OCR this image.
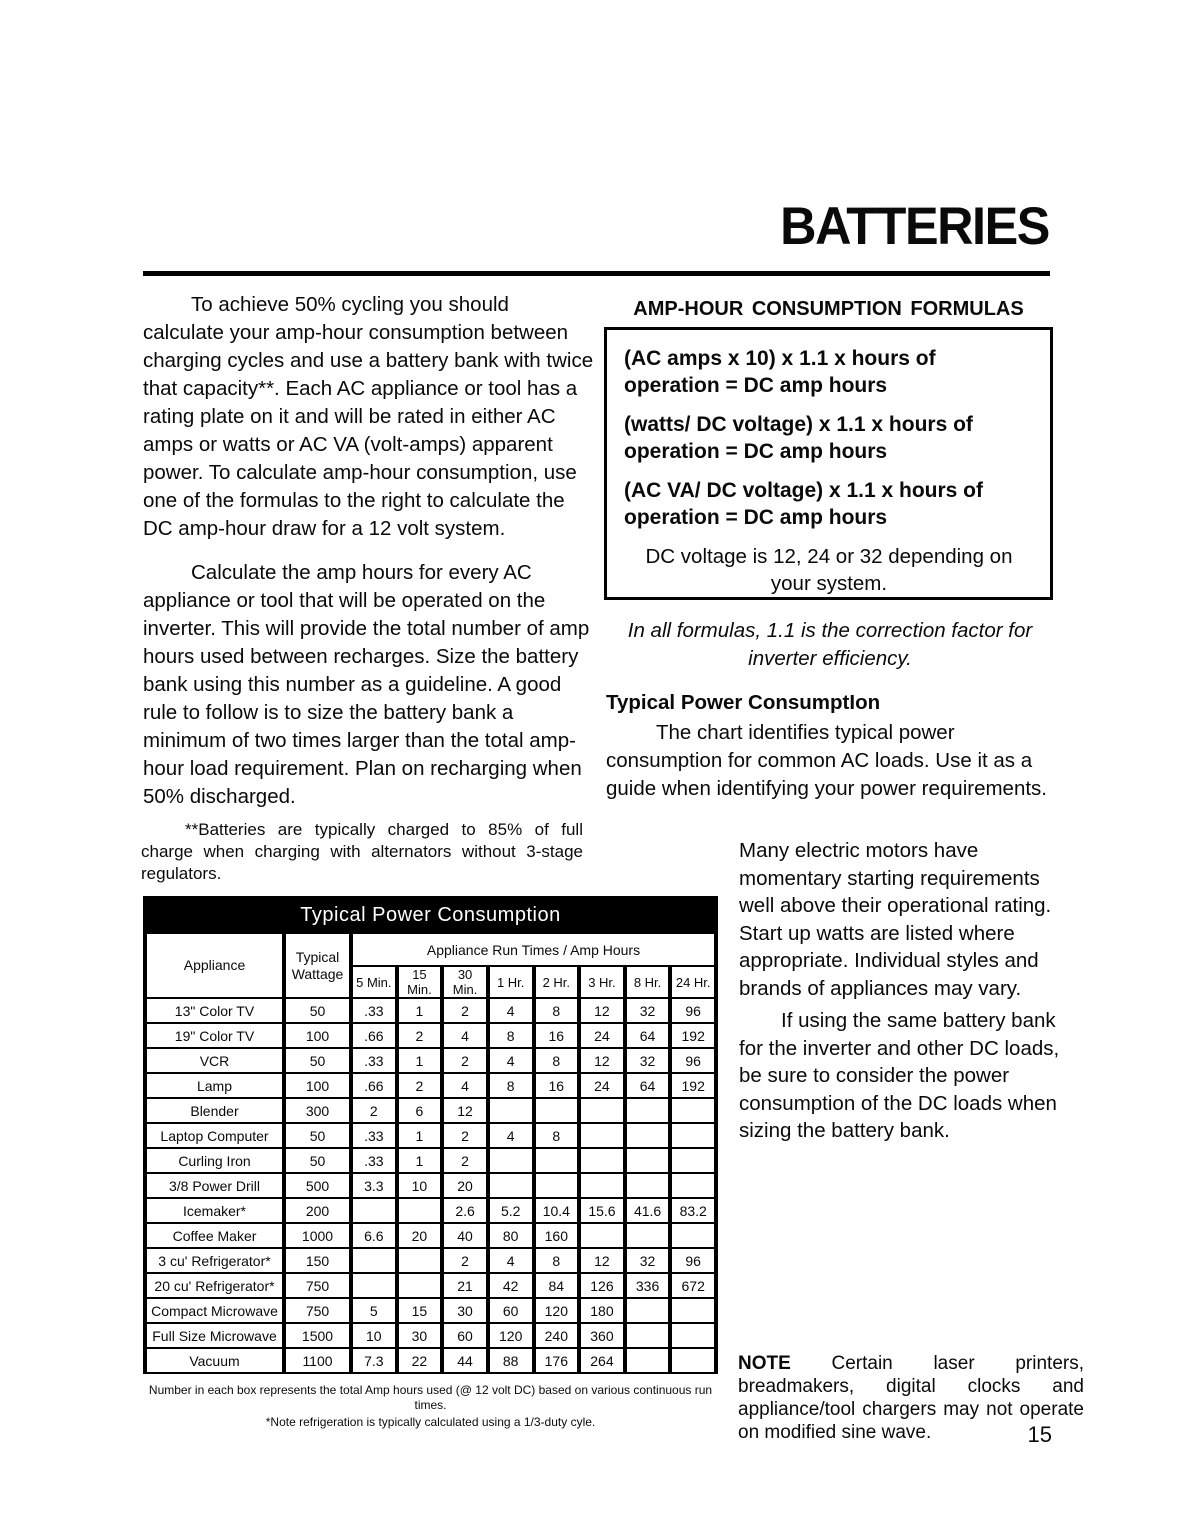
BATTERIES

To achieve 50% cycling you should calculate your amp-hour consumption between charging cycles and use a battery bank with twice that capacity**. Each AC appliance or tool has a rating plate on it and will be rated in either AC amps or watts or AC VA (volt-amps) apparent power. To calculate amp-hour consumption, use one of the formulas to the right to calculate the DC amp-hour draw for a 12 volt system.

Calculate the amp hours for every AC appliance or tool that will be operated on the inverter. This will provide the total number of amp hours used between recharges. Size the battery bank using this number as a guideline. A good rule to follow is to size the battery bank a minimum of two times larger than the total amp-hour load requirement. Plan on recharging when 50% discharged.

**Batteries are typically charged to 85% of full charge when charging with alternators without 3-stage regulators.

AMP-HOUR CONSUMPTION FORMULAS

(AC amps x 10) x 1.1 x hours of operation = DC amp hours

(watts/ DC voltage) x 1.1 x hours of operation = DC amp hours

(AC VA/ DC voltage) x 1.1 x hours of operation = DC amp hours

DC voltage is 12, 24 or 32 depending on your system.

In all formulas, 1.1 is the correction factor for inverter efficiency.

Typical Power ConsumptIon

The chart identifies typical power consumption for common AC loads. Use it as a guide when identifying your power requirements.

Many electric motors have momentary starting requirements well above their operational rating. Start up watts are listed where appropriate. Individual styles and brands of appliances may vary.

If using the same battery bank for the inverter and other DC loads, be sure to consider the power consumption of the DC loads when sizing the battery bank.

NOTE Certain laser printers, breadmakers, digital clocks and appliance/tool chargers may not operate on modified sine wave.	15
Typical Power Consumption									
Appliance	Typical Wattage	Appliance Run Times / Amp Hours							
		5 Min.	15 Min.	30 Min.	1 Hr.	2 Hr.	3 Hr.	8 Hr.	24 Hr.
13" Color TV	50	.33	1	2	4	8	12	32	96
19" Color TV	100	.66	2	4	8	16	24	64	192
VCR	50	.33	1	2	4	8	12	32	96
Lamp	100	.66	2	4	8	16	24	64	192
Blender	300	2	6	12					
Laptop Computer	50	.33	1	2	4	8			
Curling Iron	50	.33	1	2					
3/8 Power Drill	500	3.3	10	20					
Icemaker*	200			2.6	5.2	10.4	15.6	41.6	83.2
Coffee Maker	1000	6.6	20	40	80	160			
3 cu' Refrigerator*	150			2	4	8	12	32	96
20 cu' Refrigerator*	750			21	42	84	126	336	672
Compact Microwave	750	5	15	30	60	120	180		
Full Size Microwave	1500	10	30	60	120	240	360		
Vacuum	1100	7.3	22	44	88	176	264		

Number in each box represents the total Amp hours used (@ 12 volt DC) based on various continuous run times.

*Note refrigeration is typically calculated using a 1/3-duty cyle.
